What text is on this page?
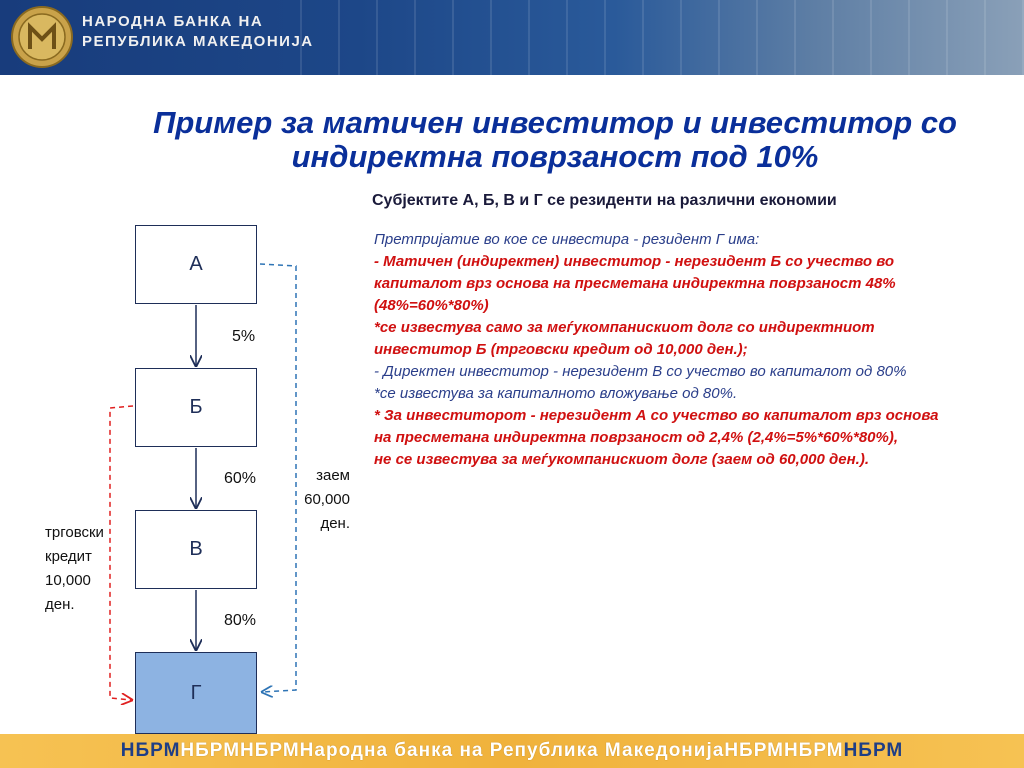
НАРОДНА БАНКА НА
РЕПУБЛИКА МАКЕДОНИЈА
Пример за матичен инвеститор и инвеститор со
индиректна поврзаност под 10%
Субјектите А, Б, В и Г се резиденти на различни економии
Претпријатие во кое се инвестира - резидент Г има:
- Матичен (индиректен) инвеститор - нерезидент Б со учество во
капиталот врз основа на пресметана индиректна поврзаност 48%
(48%=60%*80%)
*се известува само за меѓукомпанискиот долг со индиректниот
инвеститор Б (трговски кредит од 10,000 ден.);
- Директен инвеститор - нерезидент В со учество во капиталот од 80%
*се известува за капиталното вложување од 80%.
* За инвеститорот - нерезидент А со учество во капиталот врз основа
на пресметана индиректна поврзаност од 2,4% (2,4%=5%*60%*80%),
не се известува за меѓукомпанискиот долг (заем од 60,000 ден.).
А
Б
В
Г
5%
60%
80%
заем
60,000
ден.
трговски
кредит
10,000
ден.
НБРМ НБРМНБРМ Народна банка на Република Македонија НБРМНБРМ НБРМ
